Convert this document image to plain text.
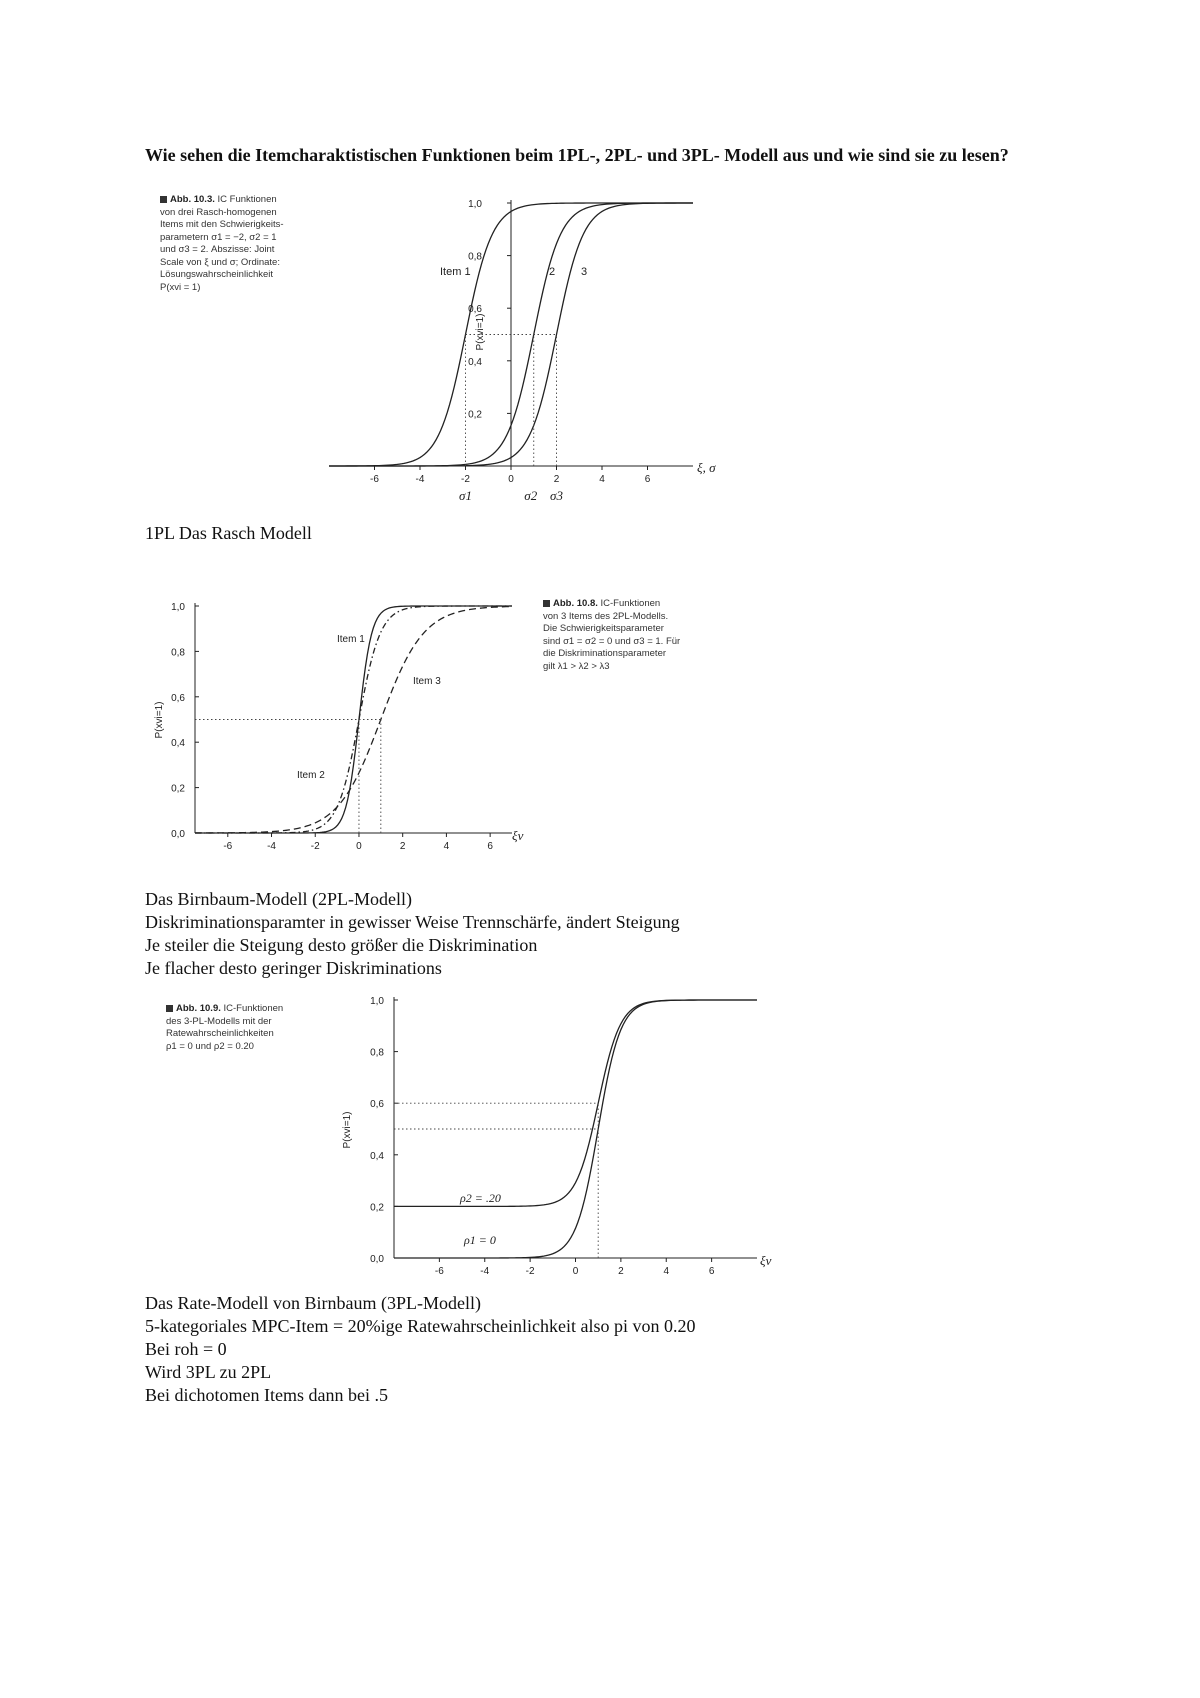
Wie sehen die Itemcharaktistischen Funktionen beim 1PL-, 2PL- und 3PL- Modell aus und wie sind sie zu lesen?
Abb. 10.3. IC Funktionen
von drei Rasch-homogenen
Items mit den Schwierigkeits-
parametern σ1 = −2, σ2 = 1
und σ3 = 2. Abszisse: Joint
Scale von ξ und σ; Ordinate:
Lösungswahrscheinlichkeit
P(xvi = 1)
-6	-4	-2	0	2	4	6
0,2
0,4
0,6
0,8
1,0
P(xvi=1)
ξ, σ
σ1	σ2 σ3
Item 1	2 3
1PL Das Rasch Modell
-6	-4	-2	0	2	4	6
0,0
0,2
0,4
0,6
0,8
1,0
P(xvi=1)
ξv
Item 1
Item 2
Item 3
Abb. 10.8. IC-Funktionen
von 3 Items des 2PL-Modells.
Die Schwierigkeitsparameter
sind σ1 = σ2 = 0 und σ3 = 1. Für
die Diskriminationsparameter
gilt λ1 > λ2 > λ3
Das Birnbaum-Modell (2PL-Modell)
Diskriminationsparamter in gewisser Weise Trennschärfe, ändert Steigung
Je steiler die Steigung desto größer die Diskrimination
Je flacher desto geringer Diskriminations
Abb. 10.9. IC-Funktionen
des 3-PL-Modells mit der
Ratewahrscheinlichkeiten
ρ1 = 0 und ρ2 = 0.20
-6	-4	-2	0	2	4	6
0,0
0,2
0,4
0,6
0,8
1,0
P(xvi=1)
ξv
ρ1 = 0
ρ2 = .20
Das Rate-Modell von Birnbaum (3PL-Modell)
5-kategoriales MPC-Item = 20%ige Ratewahrscheinlichkeit also pi von 0.20
Bei roh = 0
Wird 3PL zu 2PL
Bei dichotomen Items dann bei .5
